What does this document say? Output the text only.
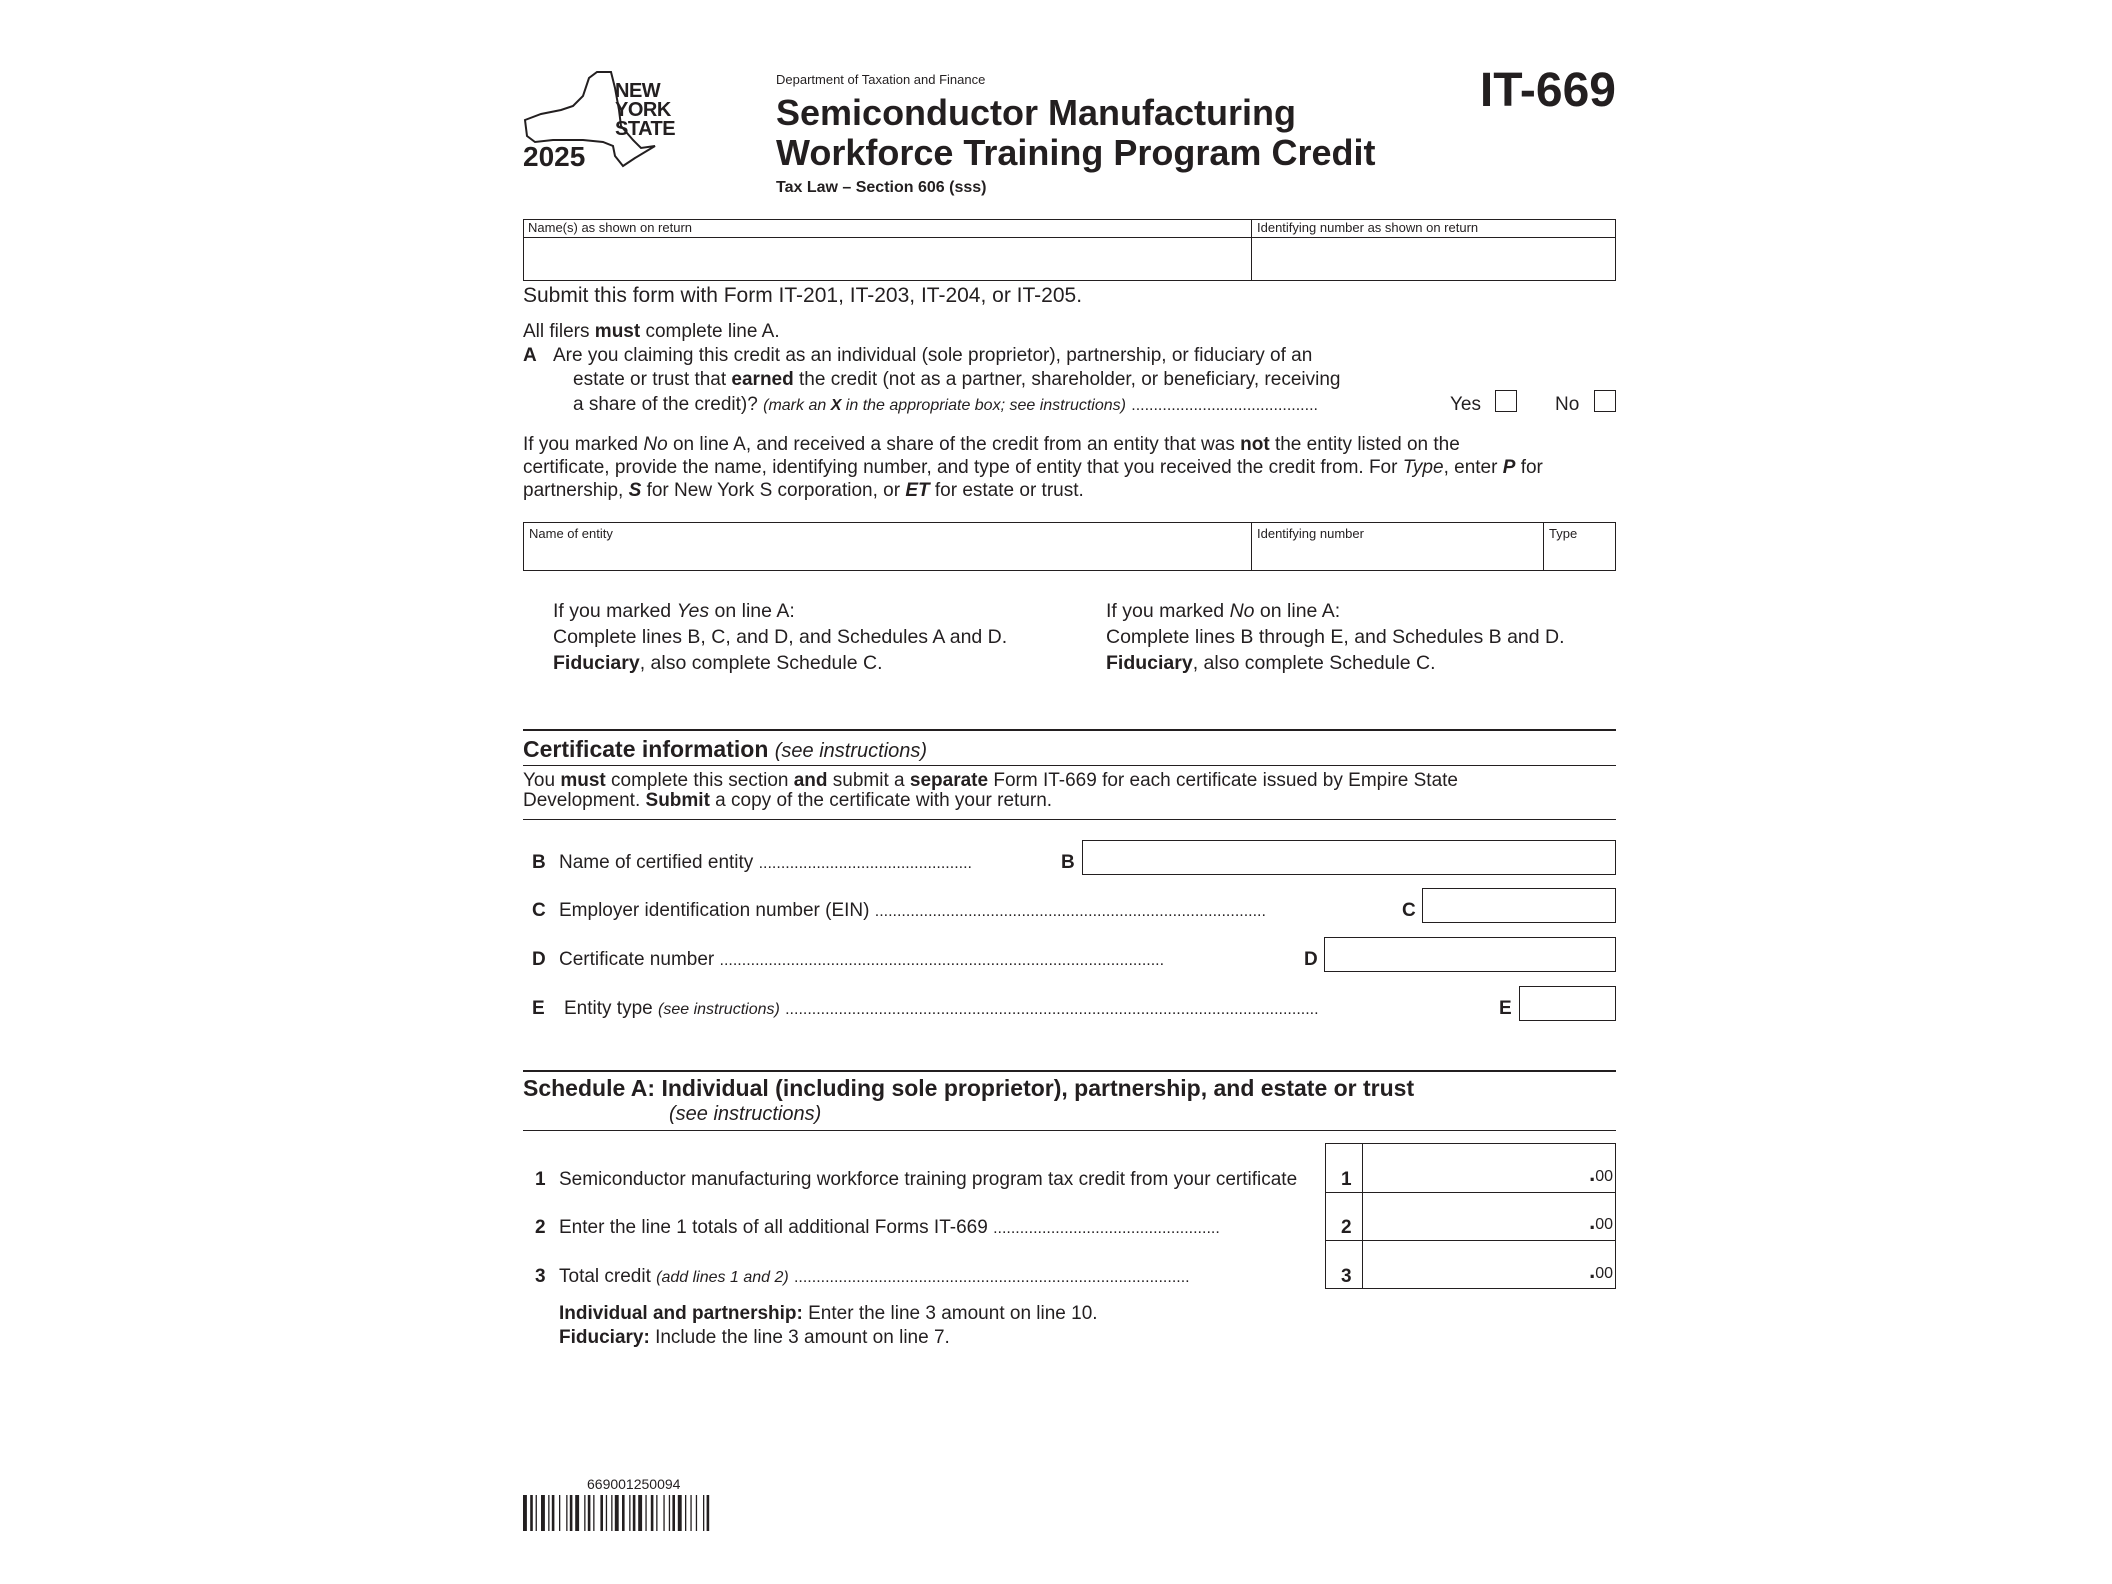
NEW YORK STATE
2025
Department of Taxation and Finance
Semiconductor Manufacturing
Workforce Training Program Credit
Tax Law – Section 606 (sss)
IT-669
Name(s) as shown on return	Identifying number as shown on return
Submit this form with Form IT-201, IT-203, IT-204, or IT-205.
All filers must complete line A.
A Are you claiming this credit as an individual (sole proprietor), partnership, or fiduciary of an
estate or trust that earned the credit (not as a partner, shareholder, or beneficiary, receiving
a share of the credit)? (mark an X in the appropriate box; see instructions) ..........................................	Yes	No
If you marked No on line A, and received a share of the credit from an entity that was not the entity listed on the
certificate, provide the name, identifying number, and type of entity that you received the credit from. For Type, enter P for
partnership, S for New York S corporation, or ET for estate or trust.
Name of entity	Identifying number	Type
If you marked Yes on line A:
Complete lines B, C, and D, and Schedules A and D.
Fiduciary, also complete Schedule C.
If you marked No on line A:
Complete lines B through E, and Schedules B and D.
Fiduciary, also complete Schedule C.
Certificate information (see instructions)
You must complete this section and submit a separate Form IT-669 for each certificate issued by Empire State
Development. Submit a copy of the certificate with your return.
B Name of certified entity ................................................	B
C Employer identification number (EIN) ........................................................................................	C
D Certificate number ....................................................................................................	D
E Entity type (see instructions) ........................................................................................................................	E
Schedule A: Individual (including sole proprietor), partnership, and estate or trust
(see instructions)
1 Semiconductor manufacturing workforce training program tax credit from your certificate 1	.00
2 Enter the line 1 totals of all additional Forms IT-669 ...................................................	2	.00
3 Total credit (add lines 1 and 2) .........................................................................................	3	.00
Individual and partnership: Enter the line 3 amount on line 10.
Fiduciary: Include the line 3 amount on line 7.
669001250094
